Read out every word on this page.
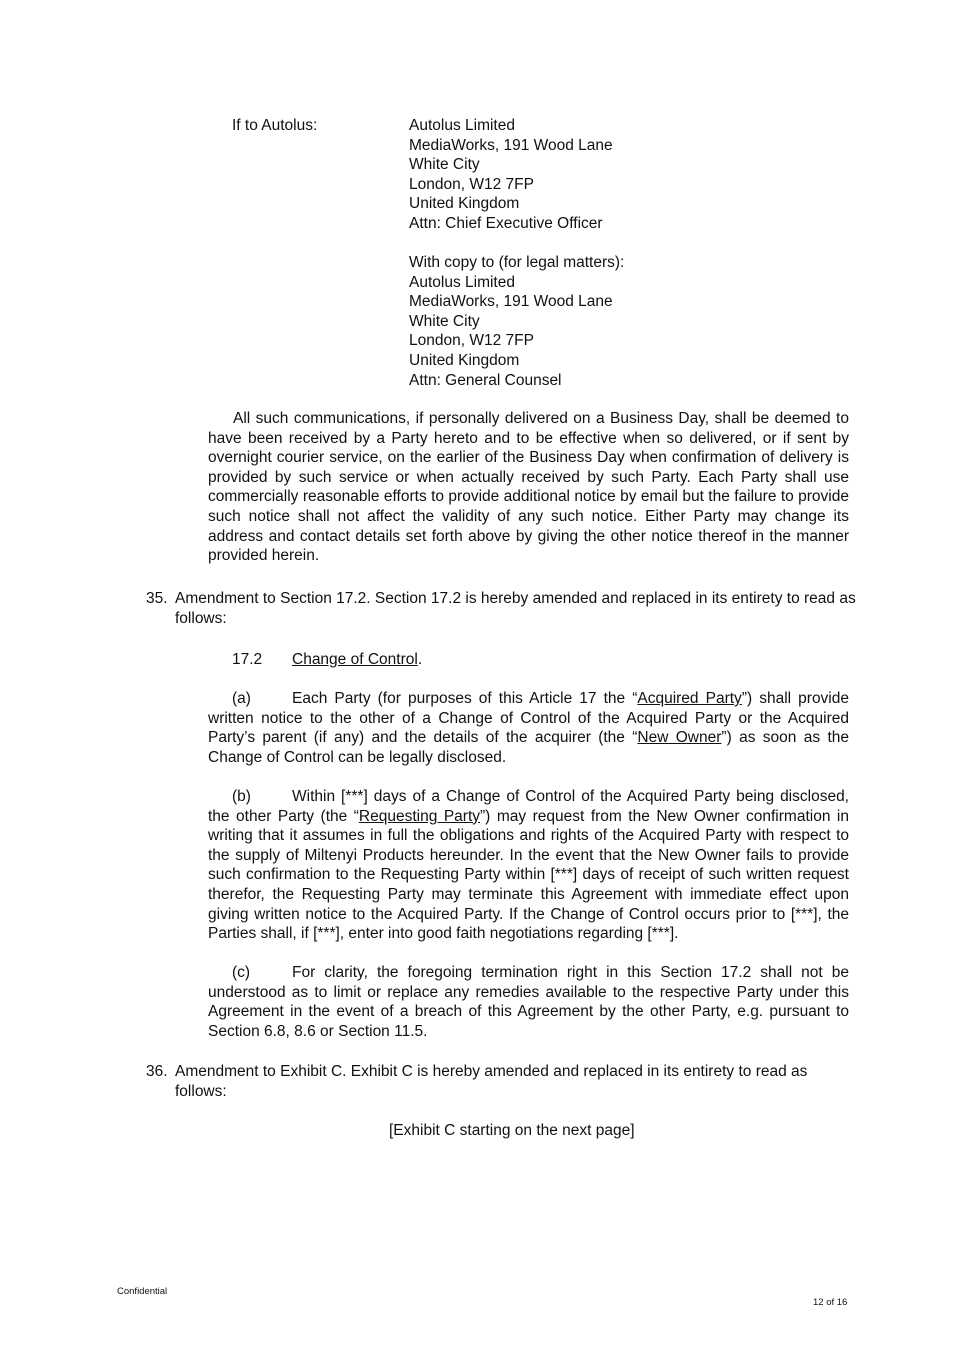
If to Autolus:	Autolus Limited
MediaWorks, 191 Wood Lane
White City
London, W12 7FP
United Kingdom
Attn: Chief Executive Officer
With copy to (for legal matters):
Autolus Limited
MediaWorks, 191 Wood Lane
White City
London, W12 7FP
United Kingdom
Attn: General Counsel
All such communications, if personally delivered on a Business Day, shall be deemed to have been received by a Party hereto and to be effective when so delivered, or if sent by overnight courier service, on the earlier of the Business Day when confirmation of delivery is provided by such service or when actually received by such Party. Each Party shall use commercially reasonable efforts to provide additional notice by email but the failure to provide such notice shall not affect the validity of any such notice. Either Party may change its address and contact details set forth above by giving the other notice thereof in the manner provided herein.
35. Amendment to Section 17.2. Section 17.2 is hereby amended and replaced in its entirety to read as
follows:
17.2 Change of Control.
(a)	Each Party (for purposes of this Article 17 the “Acquired Party”) shall provide written notice to the other of a Change of Control of the Acquired Party or the Acquired Party’s parent (if any) and the details of the acquirer (the “New Owner”) as soon as the Change of Control can be legally disclosed.
(b)	Within [***] days of a Change of Control of the Acquired Party being disclosed, the other Party (the “Requesting Party”) may request from the New Owner confirmation in writing that it assumes in full the obligations and rights of the Acquired Party with respect to the supply of Miltenyi Products hereunder. In the event that the New Owner fails to provide such confirmation to the Requesting Party within [***] days of receipt of such written request therefor, the Requesting Party may terminate this Agreement with immediate effect upon giving written notice to the Acquired Party. If the Change of Control occurs prior to [***], the Parties shall, if [***], enter into good faith negotiations regarding [***].
(c)	For clarity, the foregoing termination right in this Section 17.2 shall not be understood as to limit or replace any remedies available to the respective Party under this Agreement in the event of a breach of this Agreement by the other Party, e.g. pursuant to Section 6.8, 8.6 or Section 11.5.
36. Amendment to Exhibit C. Exhibit C is hereby amended and replaced in its entirety to read as
follows:
[Exhibit C starting on the next page]
Confidential
12 of 16
